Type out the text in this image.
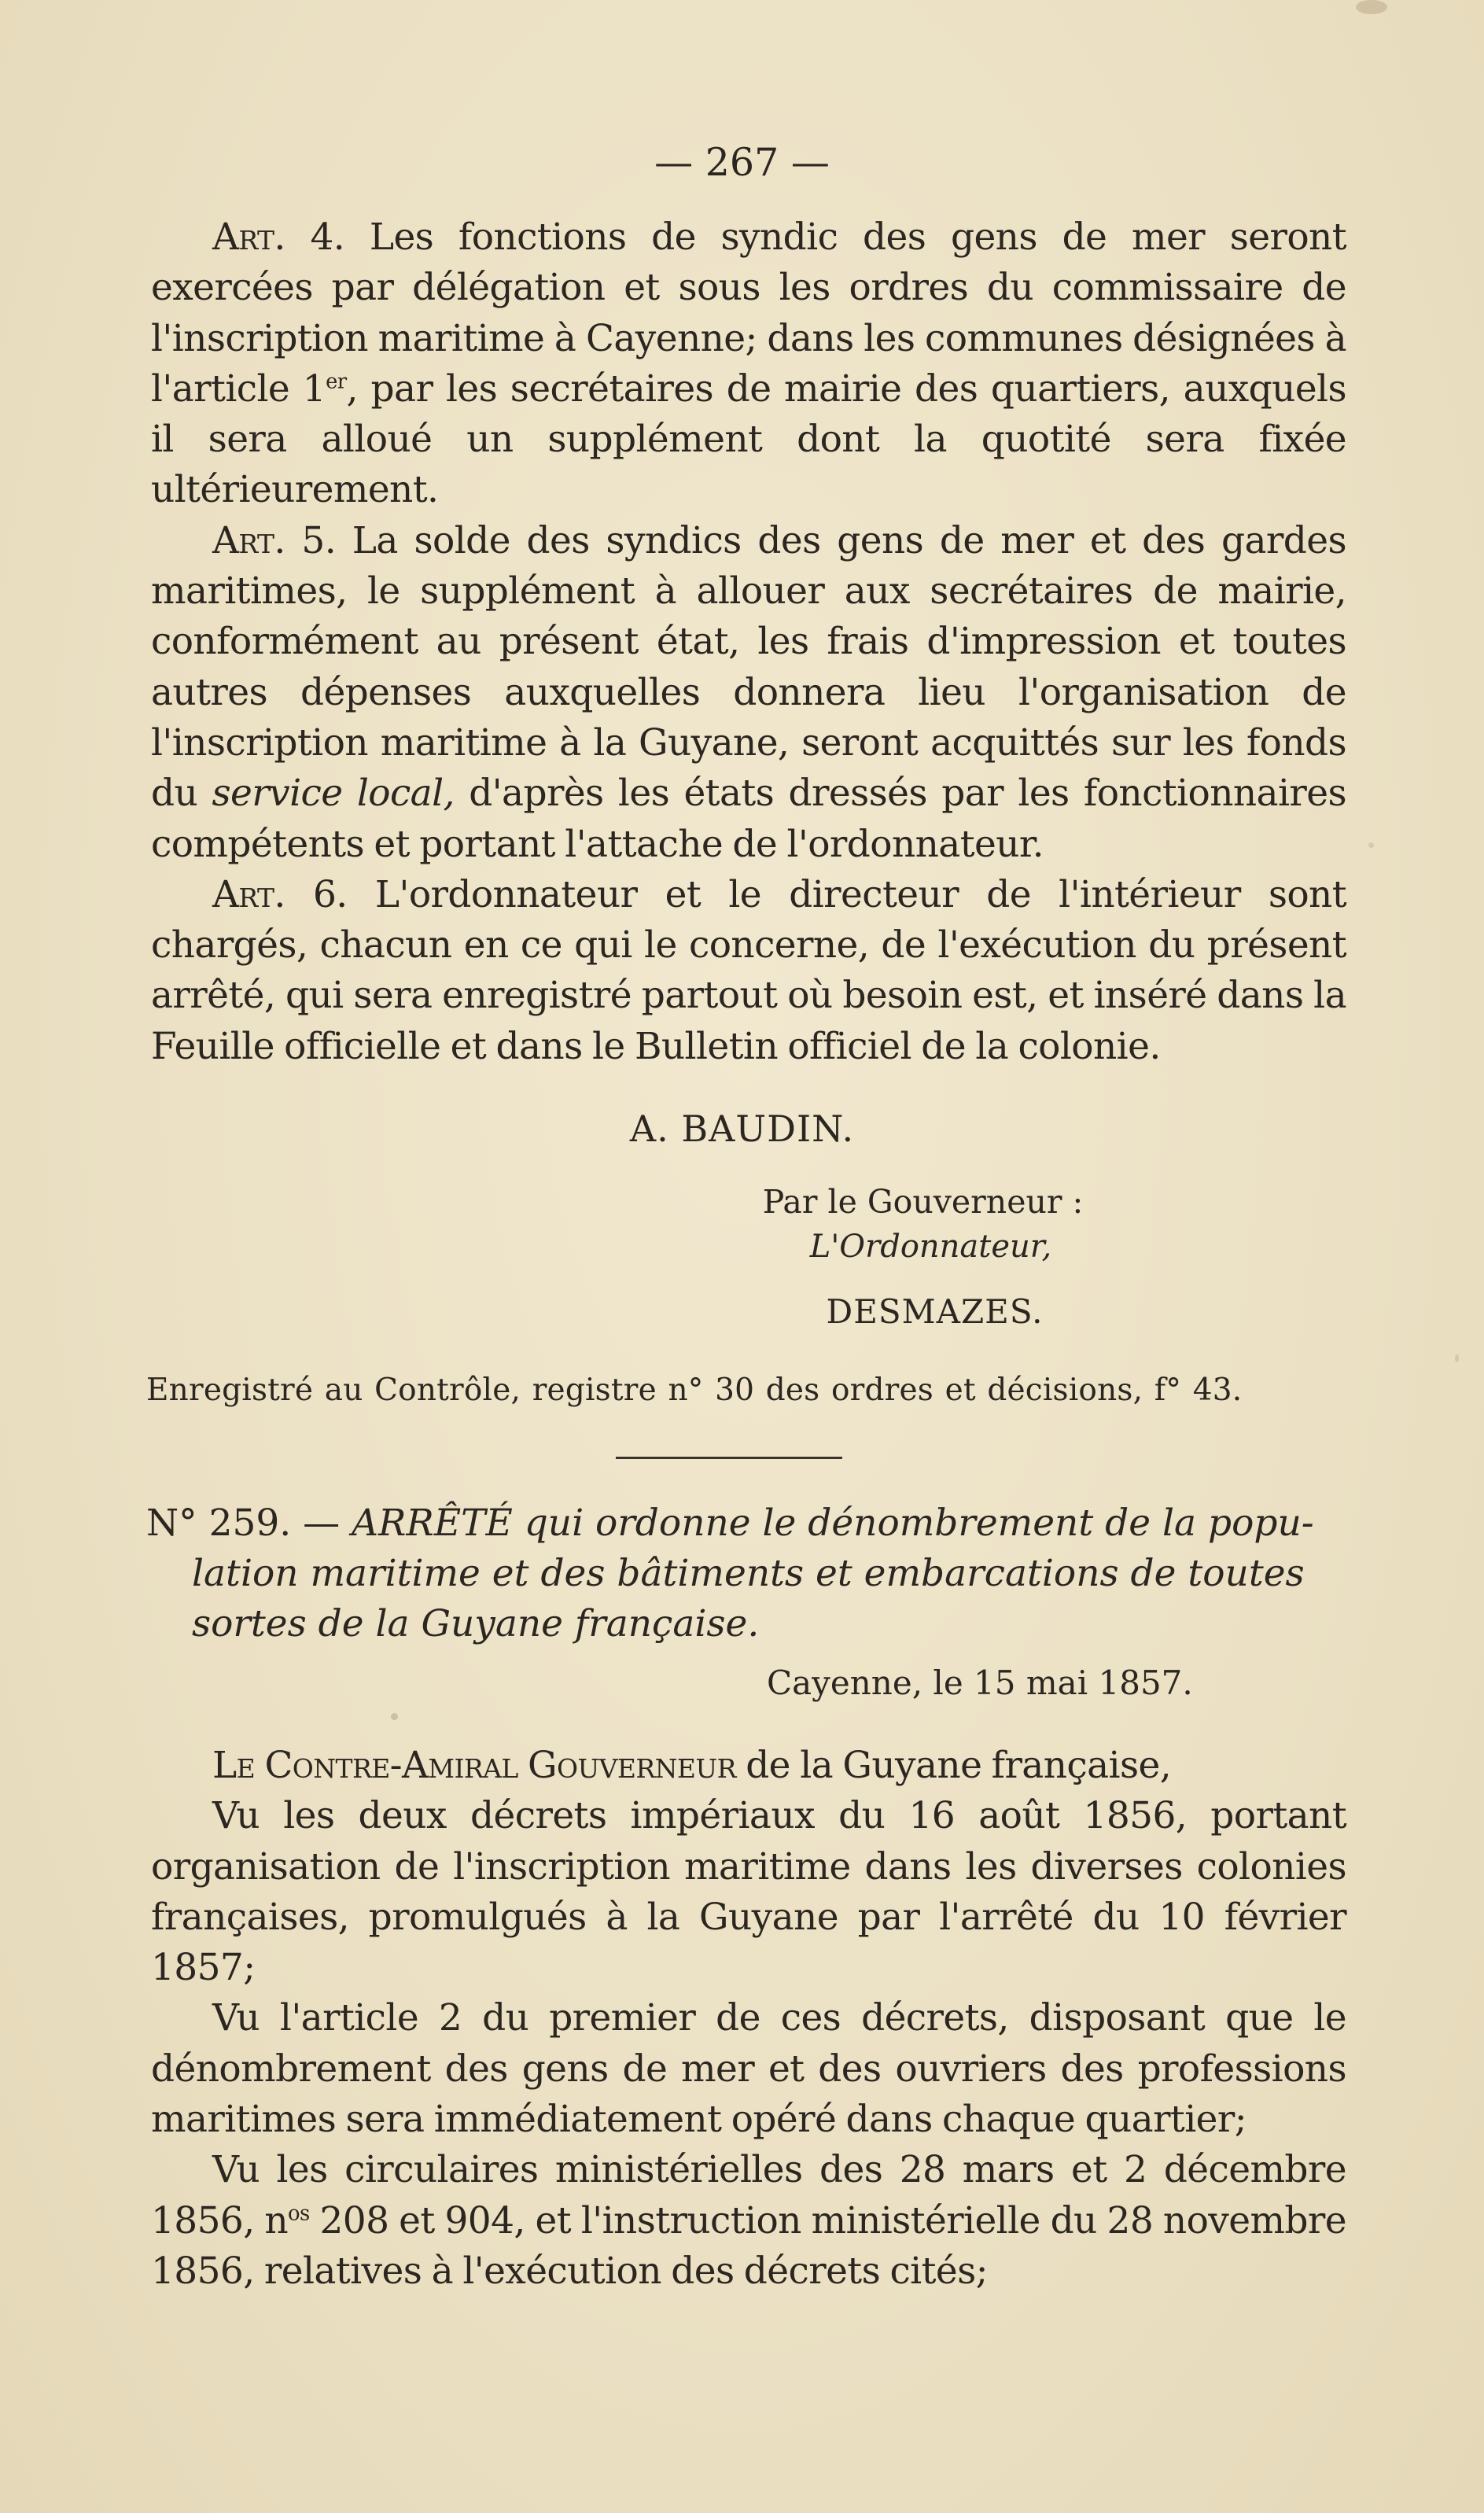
— 267 —

Art. 4. Les fonctions de syndic des gens de mer seront exercées par délégation et sous les ordres du commissaire de l'inscription maritime à Cayenne; dans les communes désignées à l'article 1er, par les secrétaires de mairie des quartiers, auxquels il sera alloué un supplément dont la quotité sera fixée ultérieurement.

Art. 5. La solde des syndics des gens de mer et des gardes maritimes, le supplément à allouer aux secrétaires de mairie, conformément au présent état, les frais d'impression et toutes autres dépenses auxquelles donnera lieu l'organisation de l'inscription maritime à la Guyane, seront acquittés sur les fonds du service local, d'après les états dressés par les fonctionnaires compétents et portant l'attache de l'ordonnateur.

Art. 6. L'ordonnateur et le directeur de l'intérieur sont chargés, chacun en ce qui le concerne, de l'exécution du présent arrêté, qui sera enregistré partout où besoin est, et inséré dans la Feuille officielle et dans le Bulletin officiel de la colonie.

A. BAUDIN.
Par le Gouverneur :
L'Ordonnateur,
DESMAZES.
Enregistré au Contrôle, registre n° 30 des ordres et décisions, f° 43.

N° 259. — ARRÊTÉ qui ordonne le dénombrement de la popu-

lation maritime et des bâtiments et embarcations de toutes sortes de la Guyane française.

Cayenne, le 15 mai 1857.

Le Contre-Amiral Gouverneur de la Guyane française,

Vu les deux décrets impériaux du 16 août 1856, portant organisation de l'inscription maritime dans les diverses colonies françaises, promulgués à la Guyane par l'arrêté du 10 février 1857;

Vu l'article 2 du premier de ces décrets, disposant que le dénombrement des gens de mer et des ouvriers des professions maritimes sera immédiatement opéré dans chaque quartier;

Vu les circulaires ministérielles des 28 mars et 2 décembre 1856, $n^{os}$ 208 et 904, et l'instruction ministérielle du 28 novembre 1856, relatives à l'exécution des décrets cités;
